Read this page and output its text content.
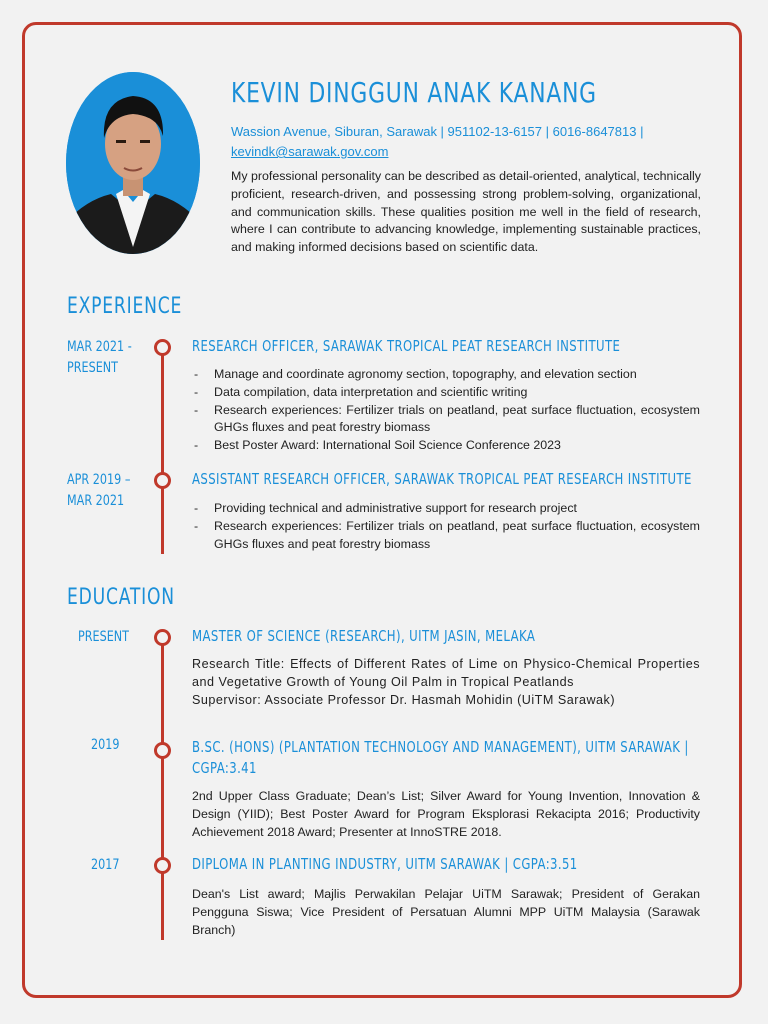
KEVIN DINGGUN ANAK KANANG
Wassion Avenue, Siburan, Sarawak | 951102-13-6157 | 6016-8647813 |
kevindk@sarawak.gov.com
My professional personality can be described as detail-oriented, analytical, technically proficient, research-driven, and possessing strong problem-solving, organizational, and communication skills. These qualities position me well in the field of research, where I can contribute to advancing knowledge, implementing sustainable practices, and making informed decisions based on scientific data.
EXPERIENCE
MAR 2021 -
PRESENT
RESEARCH OFFICER, SARAWAK TROPICAL PEAT RESEARCH INSTITUTE
- Manage and coordinate agronomy section, topography, and elevation section
- Data compilation, data interpretation and scientific writing
- Research experiences: Fertilizer trials on peatland, peat surface fluctuation, ecosystem GHGs fluxes and peat forestry biomass
- Best Poster Award: International Soil Science Conference 2023
APR 2019 –
MAR 2021
ASSISTANT RESEARCH OFFICER, SARAWAK TROPICAL PEAT RESEARCH INSTITUTE
- Providing technical and administrative support for research project
- Research experiences: Fertilizer trials on peatland, peat surface fluctuation, ecosystem GHGs fluxes and peat forestry biomass
EDUCATION
PRESENT	MASTER OF SCIENCE (RESEARCH), UITM JASIN, MELAKA
Research Title: Effects of Different Rates of Lime on Physico-Chemical Properties and Vegetative Growth of Young Oil Palm in Tropical Peatlands
Supervisor: Associate Professor Dr. Hasmah Mohidin (UiTM Sarawak)
2019	B.SC. (HONS) (PLANTATION TECHNOLOGY AND MANAGEMENT), UITM SARAWAK | CGPA:3.41
2nd Upper Class Graduate; Dean’s List; Silver Award for Young Invention, Innovation & Design (YIID); Best Poster Award for Program Eksplorasi Rekacipta 2016; Productivity Achievement 2018 Award; Presenter at InnoSTRE 2018.
2017	DIPLOMA IN PLANTING INDUSTRY, UITM SARAWAK | CGPA:3.51
Dean's List award; Majlis Perwakilan Pelajar UiTM Sarawak; President of Gerakan Pengguna Siswa; Vice President of Persatuan Alumni MPP UiTM Malaysia (Sarawak Branch)
